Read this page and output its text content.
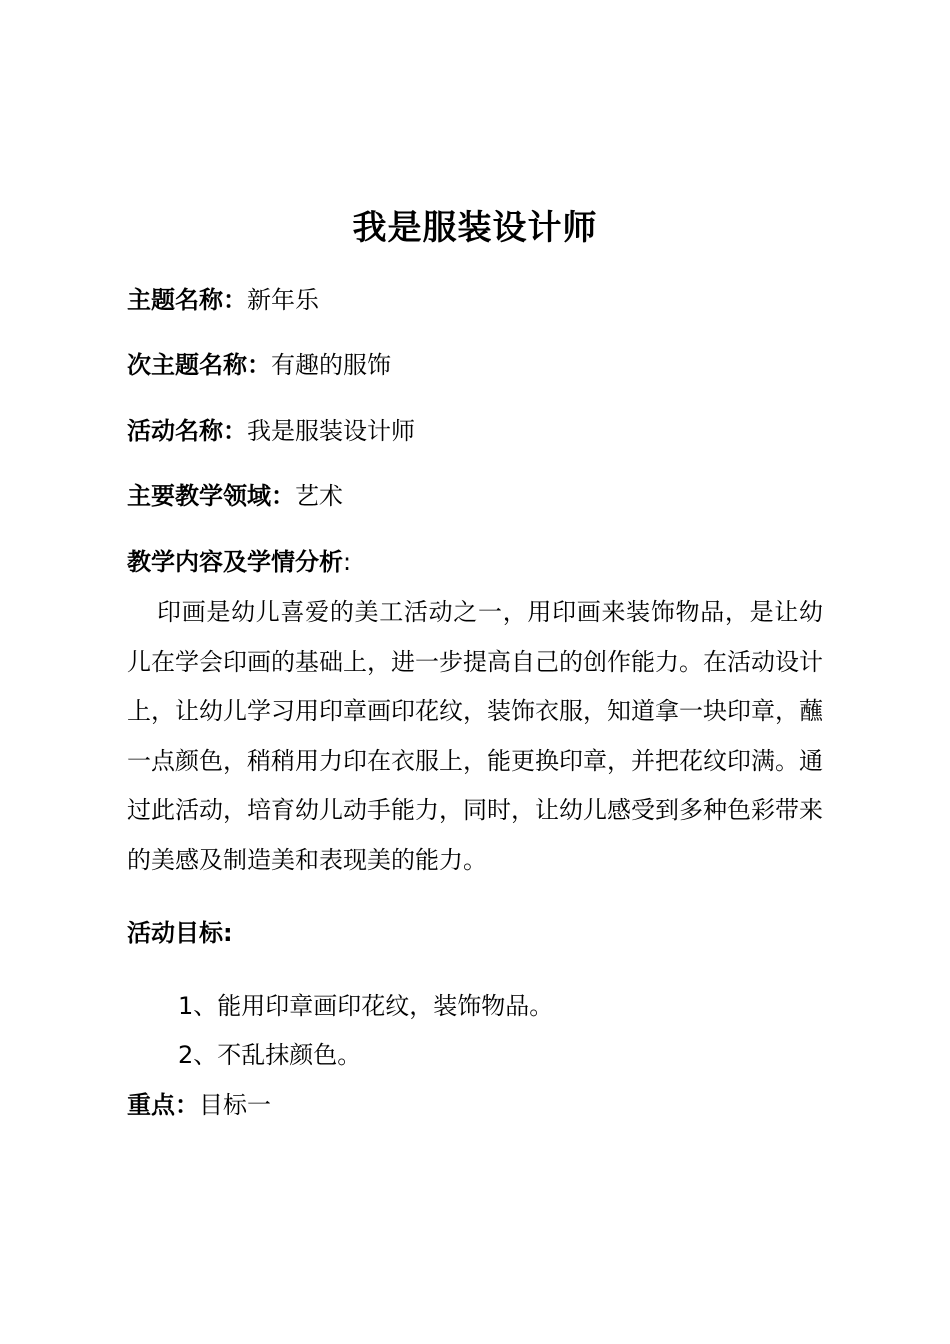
我是服装设计师
主题名称：新年乐
次主题名称：有趣的服饰
活动名称：我是服装设计师
主要教学领域：艺术
教学内容及学情分析:

印画是幼儿喜爱的美工活动之一，用印画来装饰物品，是让幼儿在学会印画的基础上，进一步提高自己的创作能力。在活动设计上，让幼儿学习用印章画印花纹，装饰衣服，知道拿一块印章，蘸一点颜色，稍稍用力印在衣服上，能更换印章，并把花纹印满。通过此活动，培育幼儿动手能力，同时，让幼儿感受到多种色彩带来的美感及制造美和表现美的能力。

活动目标:
1、能用印章画印花纹，装饰物品。
2、不乱抹颜色。
重点：目标一
